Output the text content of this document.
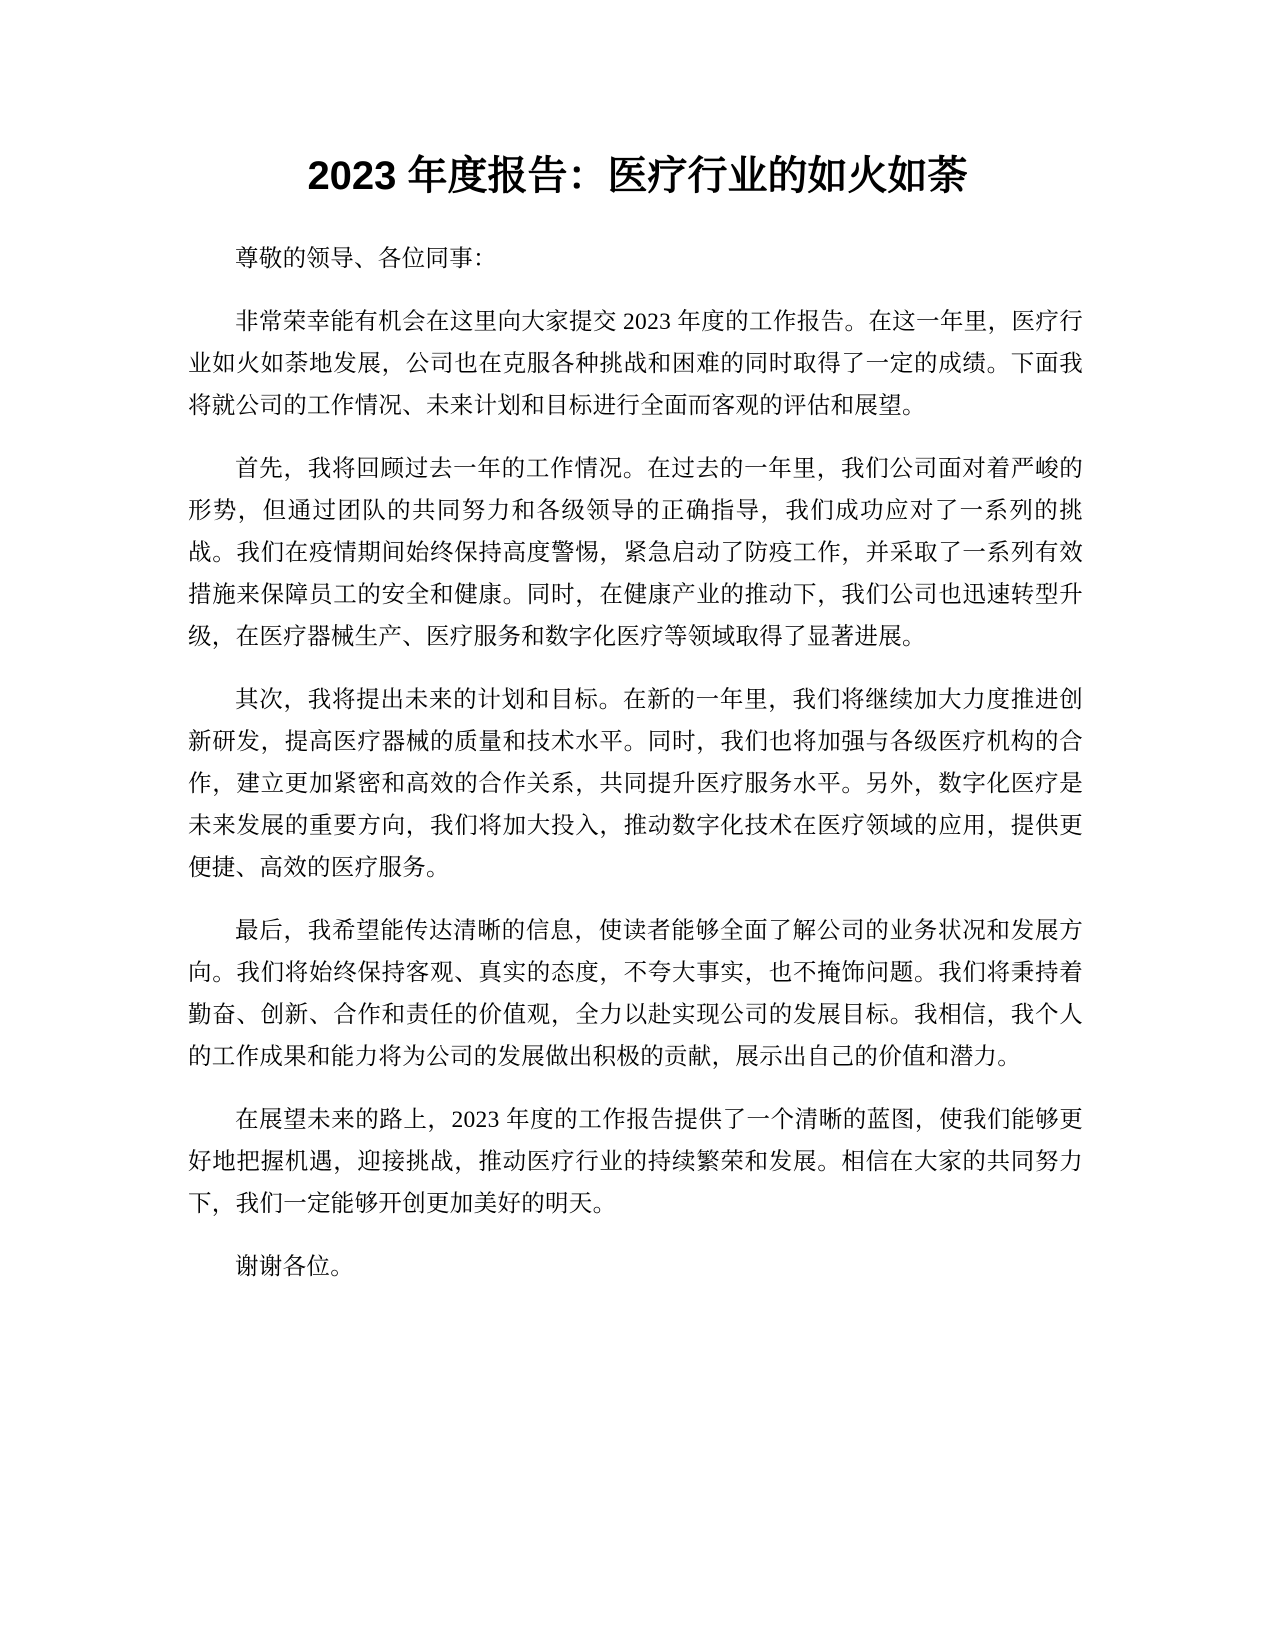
2023 年度报告：医疗行业的如火如荼

尊敬的领导、各位同事：

非常荣幸能有机会在这里向大家提交 2023 年度的工作报告。在这一年里，医疗行业如火如荼地发展，公司也在克服各种挑战和困难的同时取得了一定的成绩。下面我将就公司的工作情况、未来计划和目标进行全面而客观的评估和展望。

首先，我将回顾过去一年的工作情况。在过去的一年里，我们公司面对着严峻的形势，但通过团队的共同努力和各级领导的正确指导，我们成功应对了一系列的挑战。我们在疫情期间始终保持高度警惕，紧急启动了防疫工作，并采取了一系列有效措施来保障员工的安全和健康。同时，在健康产业的推动下，我们公司也迅速转型升级，在医疗器械生产、医疗服务和数字化医疗等领域取得了显著进展。

其次，我将提出未来的计划和目标。在新的一年里，我们将继续加大力度推进创新研发，提高医疗器械的质量和技术水平。同时，我们也将加强与各级医疗机构的合作，建立更加紧密和高效的合作关系，共同提升医疗服务水平。另外，数字化医疗是未来发展的重要方向，我们将加大投入，推动数字化技术在医疗领域的应用，提供更便捷、高效的医疗服务。

最后，我希望能传达清晰的信息，使读者能够全面了解公司的业务状况和发展方向。我们将始终保持客观、真实的态度，不夸大事实，也不掩饰问题。我们将秉持着勤奋、创新、合作和责任的价值观，全力以赴实现公司的发展目标。我相信，我个人的工作成果和能力将为公司的发展做出积极的贡献，展示出自己的价值和潜力。

在展望未来的路上，2023 年度的工作报告提供了一个清晰的蓝图，使我们能够更好地把握机遇，迎接挑战，推动医疗行业的持续繁荣和发展。相信在大家的共同努力下，我们一定能够开创更加美好的明天。

谢谢各位。
